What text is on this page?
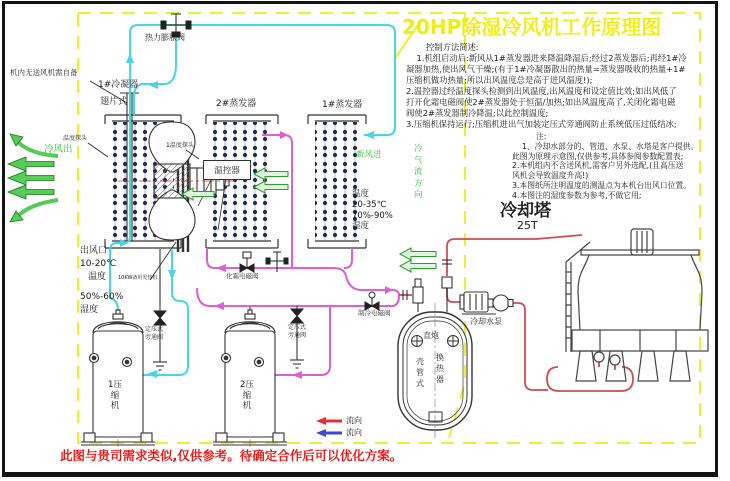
20HP除湿冷风机工作原理图
控制方法简述:
1.机组启动后:新风从1#蒸发器进来降温降湿后;经过2蒸发器后;再经1#冷
凝器加热,使出风气干燥;(有于1#冷凝器散出的热量=蒸发器吸收的热量+1#
压缩机做功热量;所以出风温度总是高于进风温度!);
2.温控器过经温度探头检测到出风温度,出风温度和设定值比效;如出风低了
打开化霜电磁阀使2#蒸发器处于恒温/加热;如出风温度高了,关闭化霜电磁
阀使2#蒸发器制冷降温;以此控制温度;
3.压缩机保持运行;压缩机进出气加装定压式旁通阀防止系统低压过低结冰;
注:
1、冷却水部分的、管道、水泵、水塔是客户提供。
此图为原理示意图,仅供参考,具体参阅参数配置表;
2.本机组内不含送风机,需客户另外选配,(且高压送
风机会导致温度升高!)
3.本图纸所注明温度的测温点为本机台出风口位置。
4.本图注的湿度参数为参考,不做它用;
机内无送风机需自备
冷风出
温度探头
1#冷凝器
翅片式	2#蒸发器	1#蒸发器
1温度探头
温控器
10KW备用发热机
热力膨胀阀
新风进
冷气流方向
出风口
10-20℃
温度
50%-60%
湿度
温度
20-35℃
70%-90%
湿度
化霜电磁阀
制冷电磁阀
定压式旁通阀
定压式旁通阀
1压缩机
2压缩机
直炮
壳管式
换热器
冷却水泵
冷却塔
25T
流向
流向
此图与贵司需求类似,仅供参考。待确定合作后可以优化方案。
